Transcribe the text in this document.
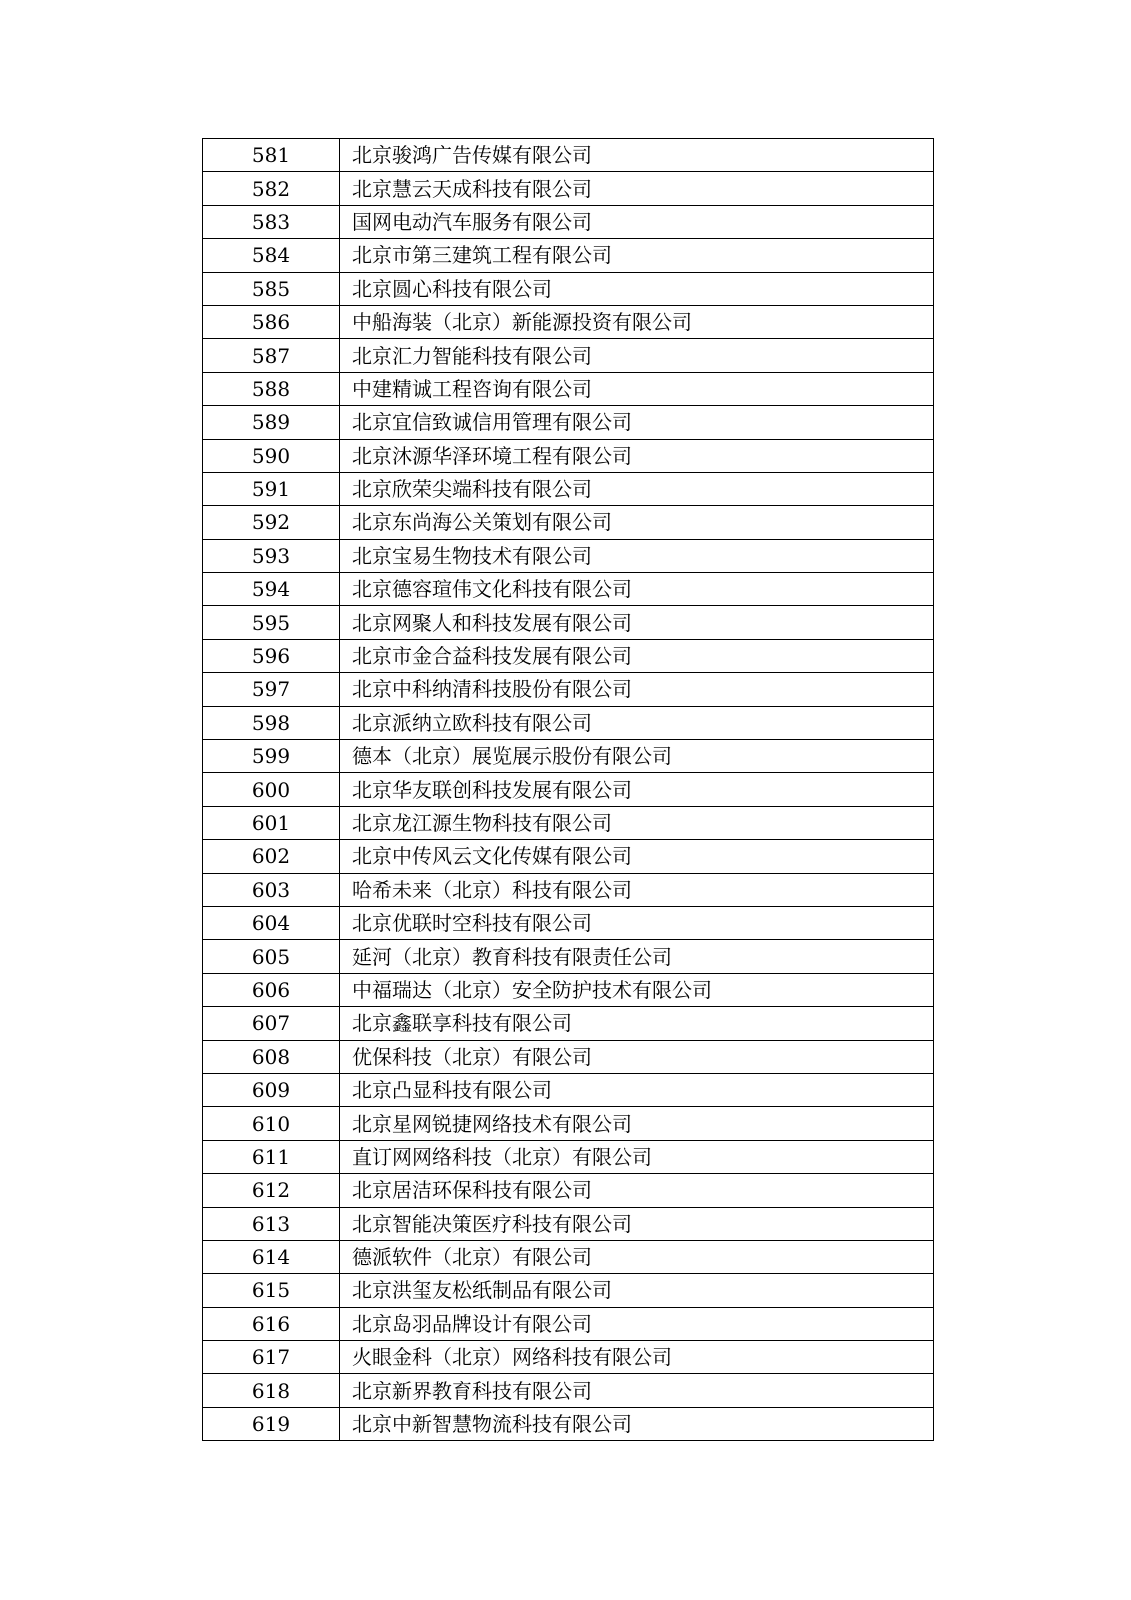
581	北京骏鸿广告传媒有限公司
582	北京慧云天成科技有限公司
583	国网电动汽车服务有限公司
584	北京市第三建筑工程有限公司
585	北京圆心科技有限公司
586	中船海装（北京）新能源投资有限公司
587	北京汇力智能科技有限公司
588	中建精诚工程咨询有限公司
589	北京宜信致诚信用管理有限公司
590	北京沐源华泽环境工程有限公司
591	北京欣荣尖端科技有限公司
592	北京东尚海公关策划有限公司
593	北京宝易生物技术有限公司
594	北京德容瑄伟文化科技有限公司
595	北京网聚人和科技发展有限公司
596	北京市金合益科技发展有限公司
597	北京中科纳清科技股份有限公司
598	北京派纳立欧科技有限公司
599	德本（北京）展览展示股份有限公司
600	北京华友联创科技发展有限公司
601	北京龙江源生物科技有限公司
602	北京中传风云文化传媒有限公司
603	哈希未来（北京）科技有限公司
604	北京优联时空科技有限公司
605	延河（北京）教育科技有限责任公司
606	中福瑞达（北京）安全防护技术有限公司
607	北京鑫联享科技有限公司
608	优保科技（北京）有限公司
609	北京凸显科技有限公司
610	北京星网锐捷网络技术有限公司
611	直订网网络科技（北京）有限公司
612	北京居洁环保科技有限公司
613	北京智能决策医疗科技有限公司
614	德派软件（北京）有限公司
615	北京洪玺友松纸制品有限公司
616	北京岛羽品牌设计有限公司
617	火眼金科（北京）网络科技有限公司
618	北京新界教育科技有限公司
619	北京中新智慧物流科技有限公司
